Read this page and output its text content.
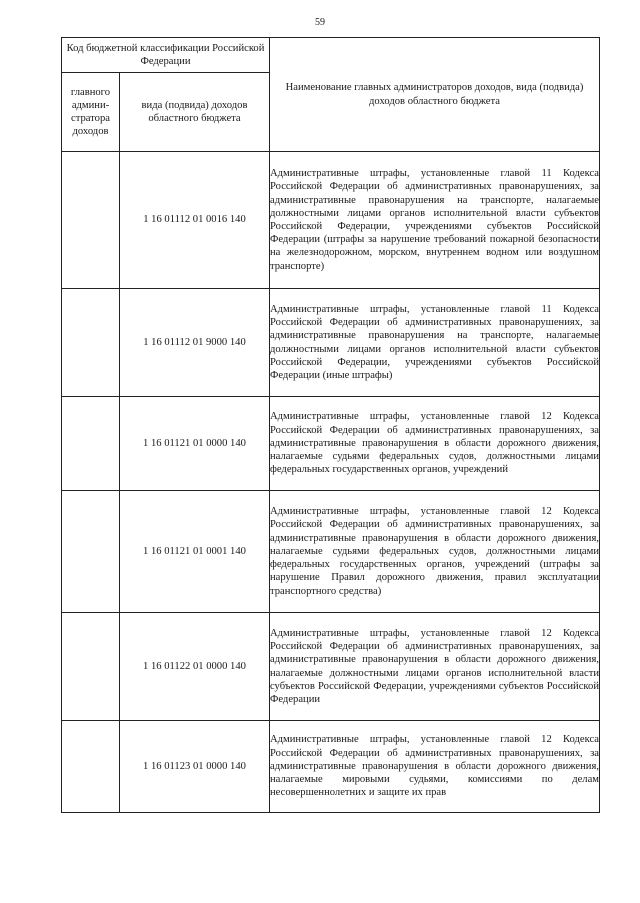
59
Код бюджетной классификации Российской Федерации		Наименование главных администраторов доходов, вида (подвида) доходов областного бюджета
главного админи-стратора доходов	вида (подвида) доходов областного бюджета	
	1 16 01112 01 0016 140	Административные штрафы, установленные главой 11 Кодекса Российской Федерации об административных правонарушениях, за административные правонарушения на транспорте, налагаемые должностными лицами органов исполнительной власти субъектов Российской Федерации, учреждениями субъектов Российской Федерации (штрафы за нарушение требований пожарной безопасности на железнодорожном, морском, внутреннем водном или воздушном транспорте)
	1 16 01112 01 9000 140	Административные штрафы, установленные главой 11 Кодекса Российской Федерации об административных правонарушениях, за административные правонарушения на транспорте, налагаемые должностными лицами органов исполнительной власти субъектов Российской Федерации, учреждениями субъектов Российской Федерации (иные штрафы)
	1 16 01121 01 0000 140	Административные штрафы, установленные главой 12 Кодекса Российской Федерации об административных правонарушениях, за административные правонарушения в области дорожного движения, налагаемые судьями федеральных судов, должностными лицами федеральных государственных органов, учреждений
	1 16 01121 01 0001 140	Административные штрафы, установленные главой 12 Кодекса Российской Федерации об административных правонарушениях, за административные правонарушения в области дорожного движения, налагаемые судьями федеральных судов, должностными лицами федеральных государственных органов, учреждений (штрафы за нарушение Правил дорожного движения, правил эксплуатации транспортного средства)
	1 16 01122 01 0000 140	Административные штрафы, установленные главой 12 Кодекса Российской Федерации об административных правонарушениях, за административные правонарушения в области дорожного движения, налагаемые должностными лицами органов исполнительной власти субъектов Российской Федерации, учреждениями субъектов Российской Федерации
	1 16 01123 01 0000 140	Административные штрафы, установленные главой 12 Кодекса Российской Федерации об административных правонарушениях, за административные правонарушения в области дорожного движения, налагаемые мировыми судьями, комиссиями по делам несовершеннолетних и защите их прав
